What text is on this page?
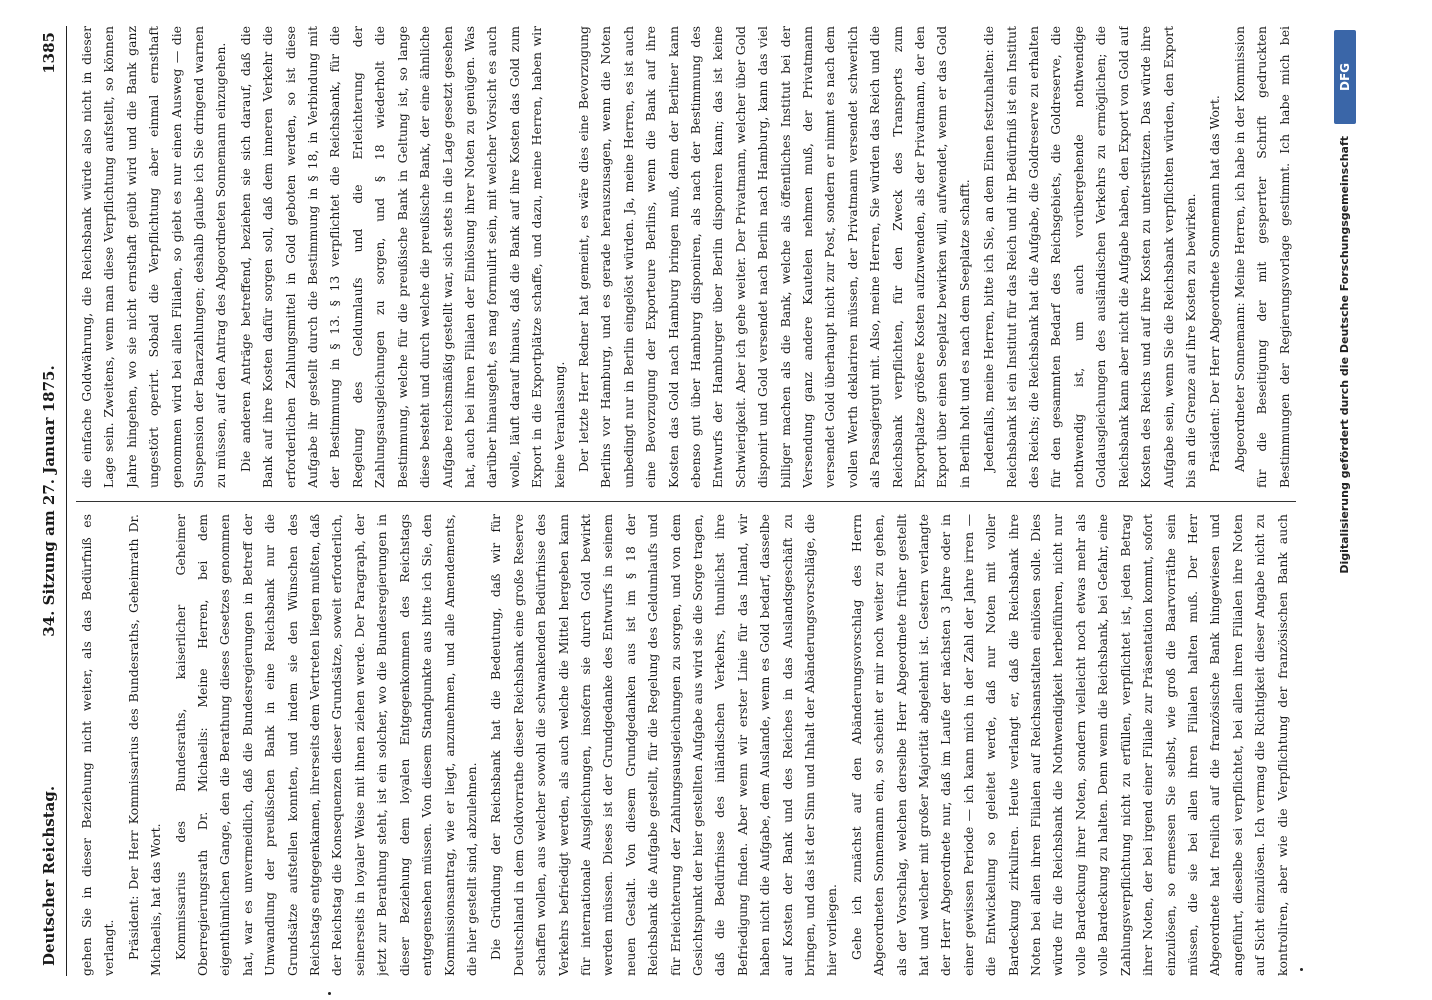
Deutscher Reichstag.
34. Sitzung am 27. Januar 1875.
1385

gehen Sie in dieser Beziehung nicht weiter, als das Bedürfniß es verlangt. Präsident: Der Herr Kommissarius des Bundesraths, Geheimrath Dr. Michaelis, hat das Wort. Kommissarius des Bundesraths, kaiserlicher Geheimer Oberregierungsrath Dr. Michaelis: Meine Herren, bei dem eigenthümlichen Gange, den die Berathung dieses Gesetzes genommen hat, war es unvermeidlich, daß die Bundesregierungen in Betreff der Umwandlung der preußischen Bank in eine Reichsbank nur die Grundsätze aufstellen konnten, und indem sie den Wünschen des Reichstags entgegenkamen, ihrerseits dem Vertreten liegen mußten, daß der Reichstag die Konsequenzen dieser Grundsätze, soweit erforderlich, seinerseits in loyaler Weise mit ihnen ziehen werde. Der Paragraph, der jetzt zur Berathung steht, ist ein solcher, wo die Bundesregierungen in dieser Beziehung dem loyalen Entgegenkommen des Reichstags entgegensehen müssen. Von diesem Standpunkte aus bitte ich Sie, den Kommissionsantrag, wie er liegt, anzunehmen, und alle Amendements, die hier gestellt sind, abzulehnen. Die Gründung der Reichsbank hat die Bedeutung, daß wir für Deutschland in dem Goldvorrathe dieser Reichsbank eine große Reserve schaffen wollen, aus welcher sowohl die schwankenden Bedürfnisse des Verkehrs befriedigt werden, als auch welche die Mittel hergeben kann für internationale Ausgleichungen, insofern sie durch Gold bewirkt werden müssen. Dieses ist der Grundgedanke des Entwurfs in seinem neuen Gestalt. Von diesem Grundgedanken aus ist im § 18 der Reichsbank die Aufgabe gestellt, für die Regelung des Geldumlaufs und für Erleichterung der Zahlungsausgleichungen zu sorgen, und von dem Gesichtspunkt der hier gestellten Aufgabe aus wird sie die Sorge tragen, daß die Bedürfnisse des inländischen Verkehrs, thunlichst ihre Befriedigung finden. Aber wenn wir erster Linie für das Inland, wir haben nicht die Aufgabe, dem Auslande, wenn es Gold bedarf, dasselbe auf Kosten der Bank und des Reiches in das Auslandsgeschäft zu bringen, und das ist der Sinn und Inhalt der Abänderungsvorschläge, die hier vorliegen. Gehe ich zunächst auf den Abänderungsvorschlag des Herrn Abgeordneten Sonnemann ein, so scheint er mir noch weiter zu gehen, als der Vorschlag, welchen derselbe Herr Abgeordnete früher gestellt hat und welcher mit großer Majorität abgelehnt ist. Gestern verlangte der Herr Abgeordnete nur, daß im Laufe der nächsten 3 Jahre oder in einer gewissen Periode — ich kann mich in der Zahl der Jahre irren — die Entwickelung so geleitet werde, daß nur Noten mit voller Bardeckung zirkuliren. Heute verlangt er, daß die Reichsbank ihre Noten bei allen ihren Filialen auf Reichsanstalten einlösen solle. Dies würde für die Reichsbank die Nothwendigkeit herbeiführen, nicht nur volle Bardeckung ihrer Noten, sondern vielleicht noch etwas mehr als volle Bardeckung zu halten. Denn wenn die Reichsbank, bei Gefahr, eine Zahlungsverpflichtung nicht zu erfüllen, verpflichtet ist, jeden Betrag ihrer Noten, der bei irgend einer Filiale zur Präsentation kommt, sofort einzulösen, so ermessen Sie selbst, wie groß die Baarvorräthe sein müssen, die sie bei allen ihren Filialen halten muß. Der Herr Abgeordnete hat freilich auf die französische Bank hingewiesen und angeführt, dieselbe sei verpflichtet, bei allen ihren Filialen ihre Noten auf Sicht einzulösen. Ich vermag die Richtigkeit dieser Angabe nicht zu kontroliren, aber wie die Verpflichtung der französischen Bank auch

die einfache Goldwährung, die Reichsbank würde also nicht in dieser Lage sein. Zweitens, wenn man diese Verpflichtung aufstellt, so können Jahre hingehen, wo sie nicht ernsthaft geübt wird und die Bank ganz ungestört operirt. Sobald die Verpflichtung aber einmal ernsthaft genommen wird bei allen Filialen, so giebt es nur einen Ausweg — die Suspension der Baarzahlungen; deshalb glaube ich Sie dringend warnen zu müssen, auf den Antrag des Abgeordneten Sonnemann einzugehen. Die anderen Anträge betreffend, beziehen sie sich darauf, daß die Bank auf ihre Kosten dafür sorgen soll, daß dem inneren Verkehr die erforderlichen Zahlungsmittel in Gold geboten werden, so ist diese Aufgabe ihr gestellt durch die Bestimmung in § 18, in Verbindung mit der Bestimmung in § 13. § 13 verpflichtet die Reichsbank, für die Regelung des Geldumlaufs und die Erleichterung der Zahlungsausgleichungen zu sorgen, und § 18 wiederholt die Bestimmung, welche für die preußische Bank in Geltung ist, so lange diese besteht und durch welche die preußische Bank, der eine ähnliche Aufgabe reichsmäßig gestellt war, sich stets in die Lage gesetzt gesehen hat, auch bei ihren Filialen der Einlösung ihrer Noten zu genügen. Was darüber hinausgeht, es mag formulirt sein, mit welcher Vorsicht es auch wolle, läuft darauf hinaus, daß die Bank auf ihre Kosten das Gold zum Export in die Exportplätze schaffe, und dazu, meine Herren, haben wir keine Veranlassung. Der letzte Herr Redner hat gemeint, es wäre dies eine Bevorzugung Berlins vor Hamburg, und es gerade herauszusagen, wenn die Noten unbedingt nur in Berlin eingelöst würden. Ja, meine Herren, es ist auch eine Bevorzugung der Exporteure Berlins, wenn die Bank auf ihre Kosten das Gold nach Hamburg bringen muß, denn der Berliner kann ebenso gut über Hamburg disponiren, als nach der Bestimmung des Entwurfs der Hamburger über Berlin disponiren kann; das ist keine Schwierigkeit. Aber ich gehe weiter. Der Privatmann, welcher über Gold disponirt und Gold versendet nach Berlin nach Hamburg, kann das viel billiger machen als die Bank, welche als öffentliches Institut bei der Versendung ganz andere Kautelen nehmen muß, der Privatmann versendet Gold überhaupt nicht zur Post, sondern er nimmt es nach dem vollen Werth deklariren müssen, der Privatmann versendet schwerlich als Passagiergut mit. Also, meine Herren, Sie würden das Reich und die Reichsbank verpflichten, für den Zweck des Transports zum Exportplatze größere Kosten aufzuwenden, als der Privatmann, der den Export über einen Seeplatz bewirken will, aufwendet, wenn er das Gold in Berlin holt und es nach dem Seeplatze schafft. Jedenfalls, meine Herren, bitte ich Sie, an dem Einen festzuhalten: die Reichsbank ist ein Institut für das Reich und ihr Bedürfniß ist ein Institut des Reichs; die Reichsbank hat die Aufgabe, die Goldreserve zu erhalten für den gesammten Bedarf des Reichsgebiets, die Goldreserve, die nothwendig ist, um auch vorübergehende nothwendige Goldausgleichungen des ausländischen Verkehrs zu ermöglichen; die Reichsbank kann aber nicht die Aufgabe haben, den Export von Gold auf Kosten des Reichs und auf ihre Kosten zu unterstützen. Das würde ihre Aufgabe sein, wenn Sie die Reichsbank verpflichten würden, den Export bis an die Grenze auf ihre Kosten zu bewirken. Präsident: Der Herr Abgeordnete Sonnemann hat das Wort. Abgeordneter Sonnemann: Meine Herren, ich habe in der Kommission für die Beseitigung der mit gesperrter Schrift gedruckten Bestimmungen der Regierungsvorlage gestimmt. Ich habe mich bei

Digitalisierung gefördert durch die Deutsche Forschungsgemeinschaft
DFG
